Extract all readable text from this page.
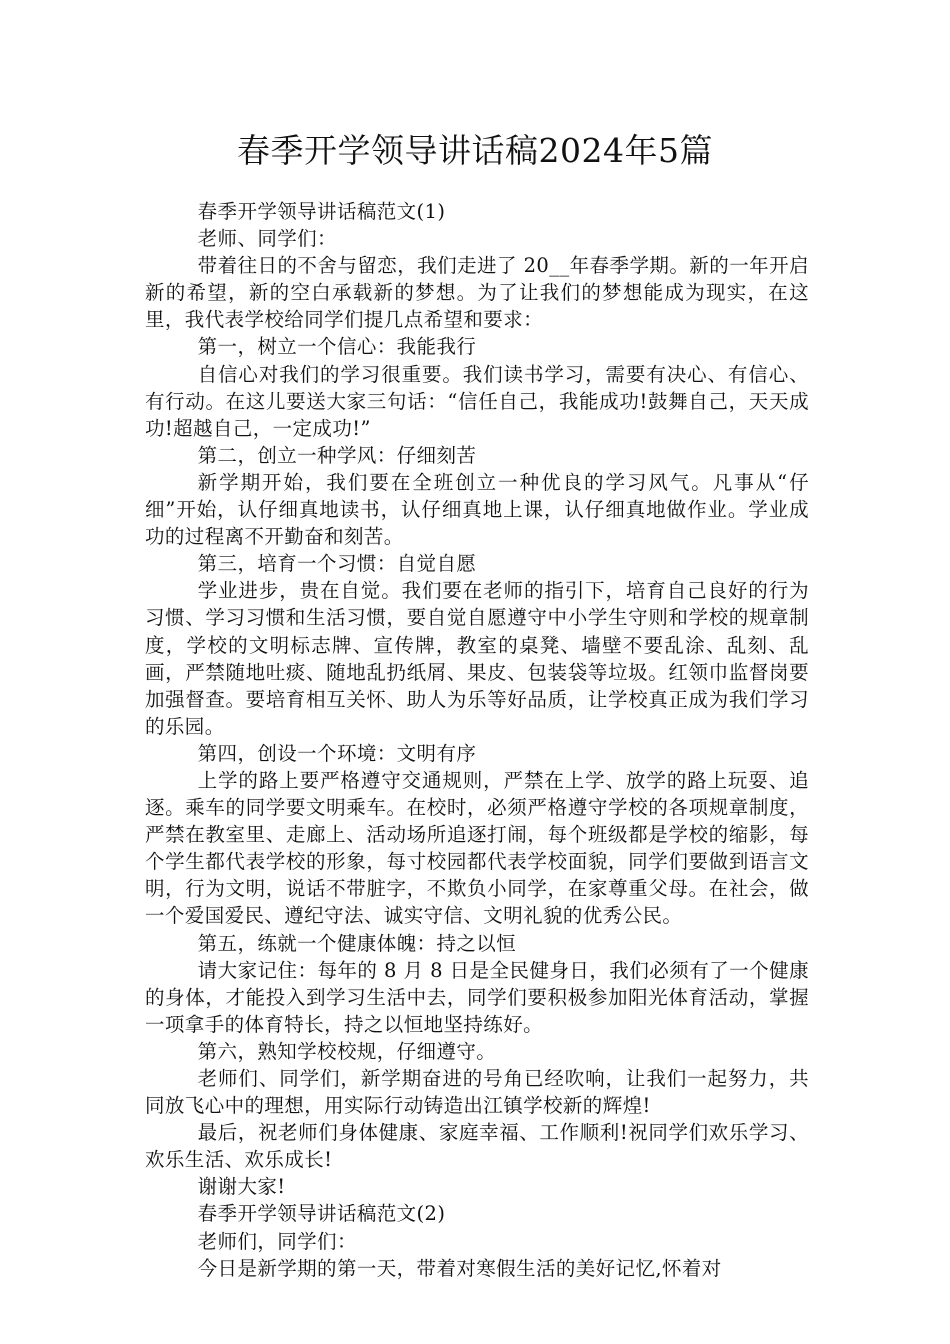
春季开学领导讲话稿2024年5篇

春季开学领导讲话稿范文(1)

老师、同学们：

带着往日的不舍与留恋，我们走进了 20__年春季学期。新的一年开启新的希望，新的空白承载新的梦想。为了让我们的梦想能成为现实，在这里，我代表学校给同学们提几点希望和要求：

第一，树立一个信心：我能我行

自信心对我们的学习很重要。我们读书学习，需要有决心、有信心、有行动。在这儿要送大家三句话：“信任自己，我能成功!鼓舞自己，天天成功!超越自己，一定成功!”

第二，创立一种学风：仔细刻苦

新学期开始，我们要在全班创立一种优良的学习风气。凡事从“仔细”开始，认仔细真地读书，认仔细真地上课，认仔细真地做作业。学业成功的过程离不开勤奋和刻苦。

第三，培育一个习惯：自觉自愿

学业进步，贵在自觉。我们要在老师的指引下，培育自己良好的行为习惯、学习习惯和生活习惯，要自觉自愿遵守中小学生守则和学校的规章制度，学校的文明标志牌、宣传牌，教室的桌凳、墙壁不要乱涂、乱刻、乱画，严禁随地吐痰、随地乱扔纸屑、果皮、包装袋等垃圾。红领巾监督岗要加强督查。要培育相互关怀、助人为乐等好品质，让学校真正成为我们学习的乐园。

第四，创设一个环境：文明有序

上学的路上要严格遵守交通规则，严禁在上学、放学的路上玩耍、追逐。乘车的同学要文明乘车。在校时，必须严格遵守学校的各项规章制度，严禁在教室里、走廊上、活动场所追逐打闹，每个班级都是学校的缩影，每个学生都代表学校的形象，每寸校园都代表学校面貌，同学们要做到语言文明，行为文明，说话不带脏字，不欺负小同学，在家尊重父母。在社会，做一个爱国爱民、遵纪守法、诚实守信、文明礼貌的优秀公民。

第五，练就一个健康体魄：持之以恒

请大家记住：每年的 8 月 8 日是全民健身日，我们必须有了一个健康的身体，才能投入到学习生活中去，同学们要积极参加阳光体育活动，掌握一项拿手的体育特长，持之以恒地坚持练好。

第六，熟知学校校规，仔细遵守。

老师们、同学们，新学期奋进的号角已经吹响，让我们一起努力，共同放飞心中的理想，用实际行动铸造出江镇学校新的辉煌!

最后，祝老师们身体健康、家庭幸福、工作顺利!祝同学们欢乐学习、欢乐生活、欢乐成长!

谢谢大家!

春季开学领导讲话稿范文(2)

老师们，同学们：

今日是新学期的第一天，带着对寒假生活的美好记忆,怀着对
